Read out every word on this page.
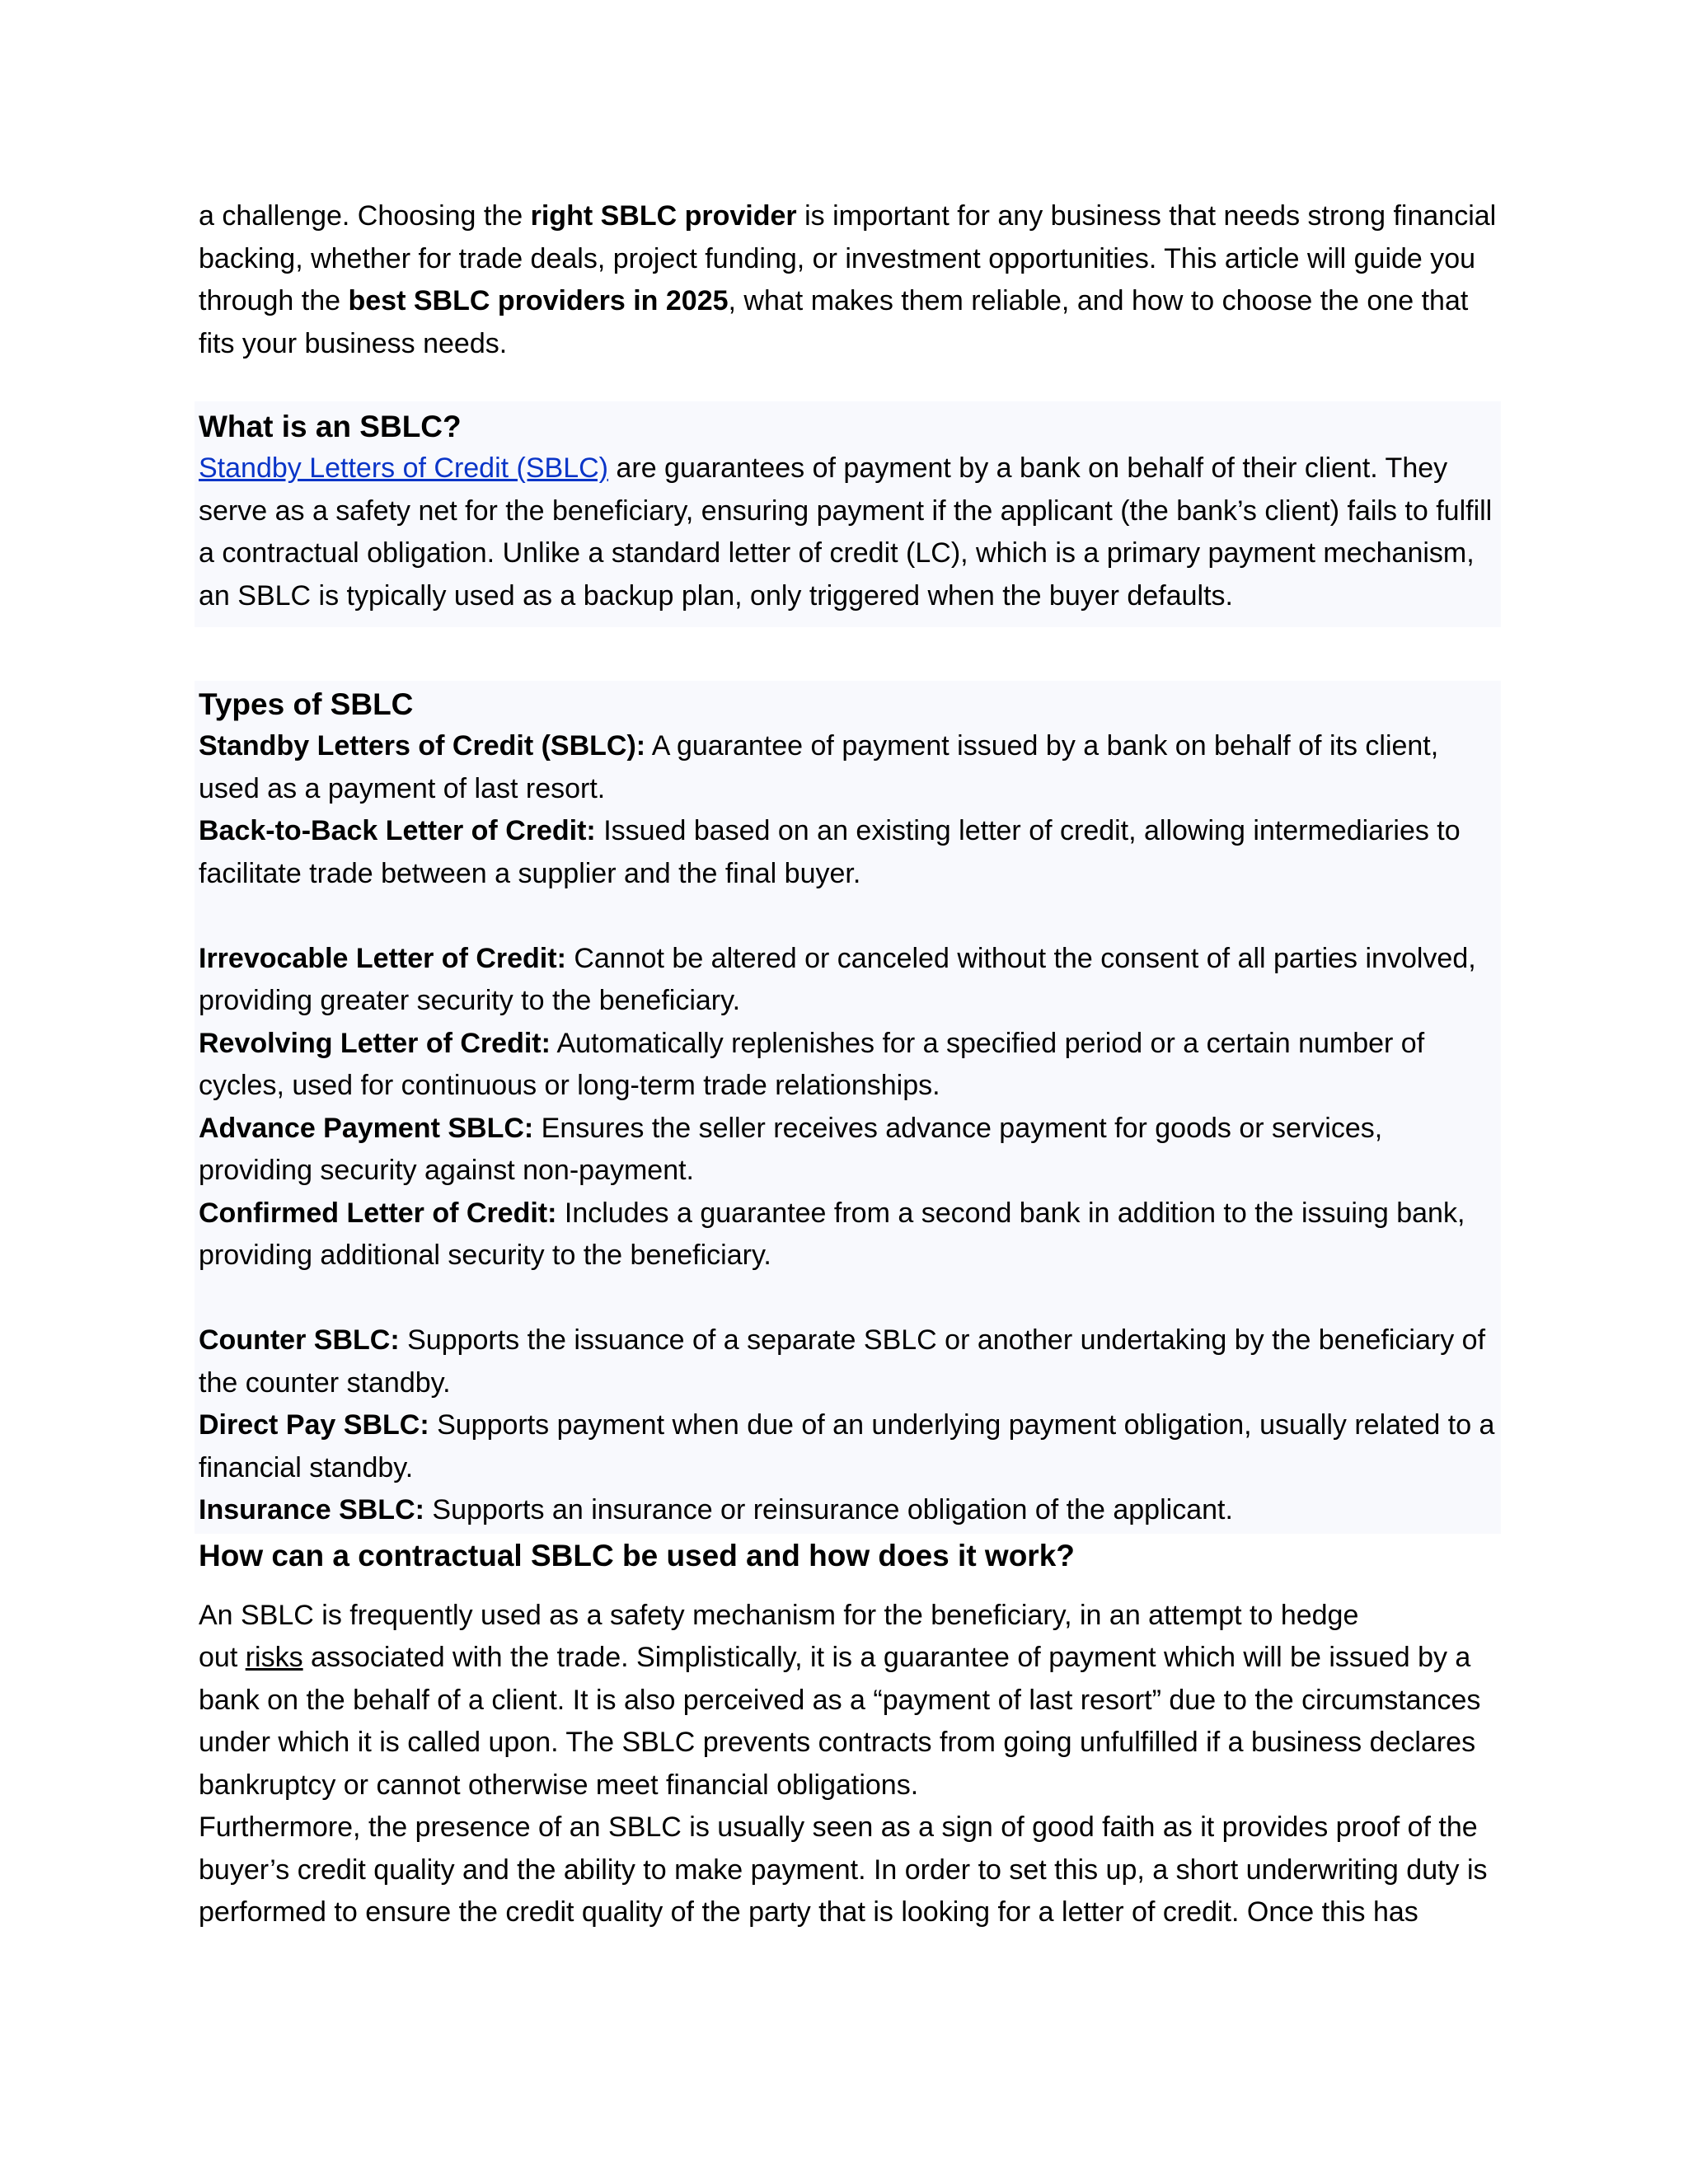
a challenge. Choosing the right SBLC provider is important for any business that needs strong financial backing, whether for trade deals, project funding, or investment opportunities. This article will guide you through the best SBLC providers in 2025, what makes them reliable, and how to choose the one that fits your business needs.

What is an SBLC?

Standby Letters of Credit (SBLC) are guarantees of payment by a bank on behalf of their client. They serve as a safety net for the beneficiary, ensuring payment if the applicant (the bank’s client) fails to fulfill a contractual obligation. Unlike a standard letter of credit (LC), which is a primary payment mechanism, an SBLC is typically used as a backup plan, only triggered when the buyer defaults.

Types of SBLC

Standby Letters of Credit (SBLC): A guarantee of payment issued by a bank on behalf of its client, used as a payment of last resort.

Back-to-Back Letter of Credit: Issued based on an existing letter of credit, allowing intermediaries to facilitate trade between a supplier and the final buyer.

Irrevocable Letter of Credit: Cannot be altered or canceled without the consent of all parties involved, providing greater security to the beneficiary.

Revolving Letter of Credit: Automatically replenishes for a specified period or a certain number of cycles, used for continuous or long-term trade relationships.

Advance Payment SBLC: Ensures the seller receives advance payment for goods or services, providing security against non-payment.

Confirmed Letter of Credit: Includes a guarantee from a second bank in addition to the issuing bank, providing additional security to the beneficiary.

Counter SBLC: Supports the issuance of a separate SBLC or another undertaking by the beneficiary of the counter standby.

Direct Pay SBLC: Supports payment when due of an underlying payment obligation, usually related to a financial standby.

Insurance SBLC: Supports an insurance or reinsurance obligation of the applicant.

How can a contractual SBLC be used and how does it work?

An SBLC is frequently used as a safety mechanism for the beneficiary, in an attempt to hedge
out risks associated with the trade. Simplistically, it is a guarantee of payment which will be issued by a bank on the behalf of a client. It is also perceived as a “payment of last resort” due to the circumstances under which it is called upon. The SBLC prevents contracts from going unfulfilled if a business declares bankruptcy or cannot otherwise meet financial obligations.

Furthermore, the presence of an SBLC is usually seen as a sign of good faith as it provides proof of the buyer’s credit quality and the ability to make payment. In order to set this up, a short underwriting duty is performed to ensure the credit quality of the party that is looking for a letter of credit. Once this has
